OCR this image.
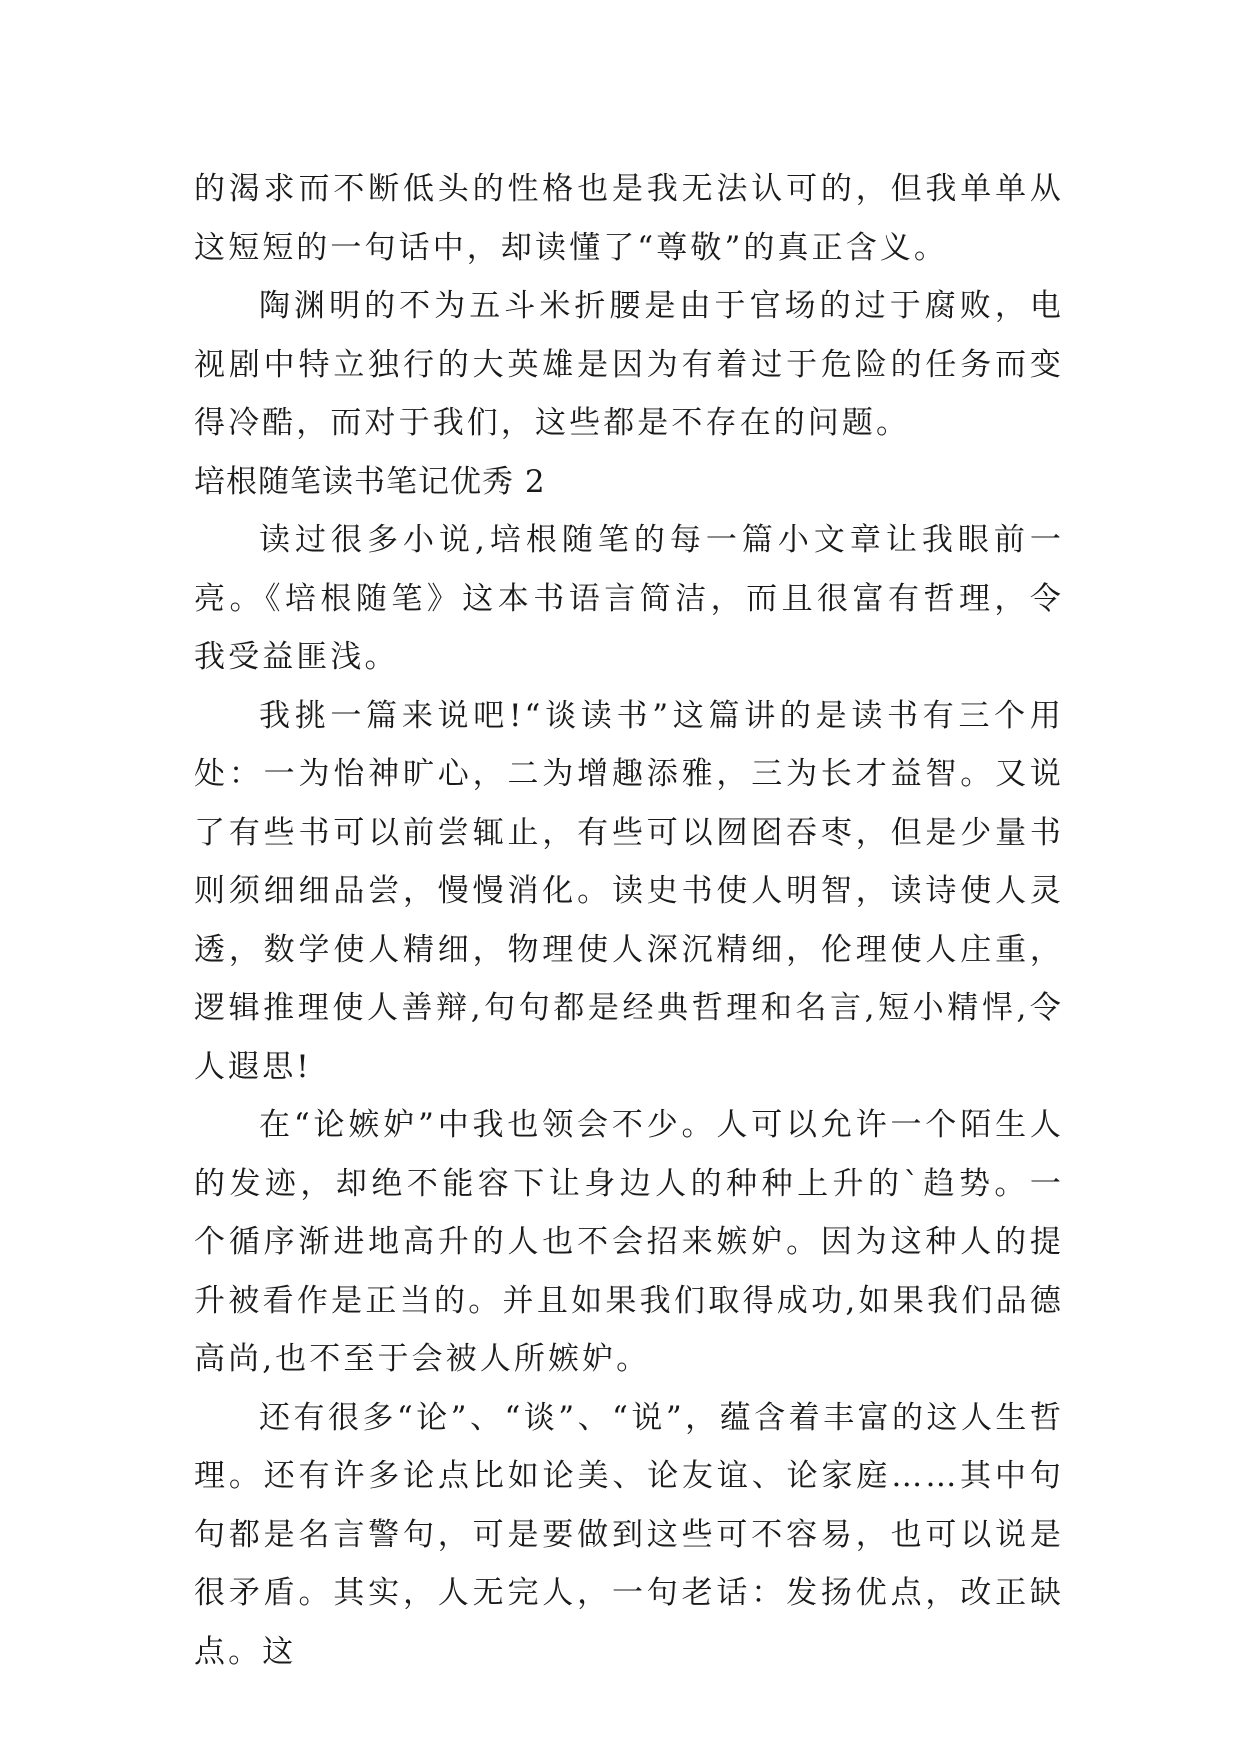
的渴求而不断低头的性格也是我无法认可的，但我单单从这短短的一句话中，却读懂了“尊敬”的真正含义。

陶渊明的不为五斗米折腰是由于官场的过于腐败，电视剧中特立独行的大英雄是因为有着过于危险的任务而变得冷酷，而对于我们，这些都是不存在的问题。

培根随笔读书笔记优秀 2

读过很多小说,培根随笔的每一篇小文章让我眼前一亮。《培根随笔》这本书语言简洁，而且很富有哲理，令我受益匪浅。

我挑一篇来说吧!“谈读书”这篇讲的是读书有三个用处：一为怡神旷心，二为增趣添雅，三为长才益智。又说了有些书可以前尝辄止，有些可以囫囵吞枣，但是少量书则须细细品尝，慢慢消化。读史书使人明智，读诗使人灵透，数学使人精细，物理使人深沉精细，伦理使人庄重，逻辑推理使人善辩,句句都是经典哲理和名言,短小精悍,令人遐思!

在“论嫉妒”中我也领会不少。人可以允许一个陌生人的发迹，却绝不能容下让身边人的种种上升的`趋势。一个循序渐进地高升的人也不会招来嫉妒。因为这种人的提升被看作是正当的。并且如果我们取得成功,如果我们品德高尚,也不至于会被人所嫉妒。

还有很多“论”、“谈”、“说”，蕴含着丰富的这人生哲理。还有许多论点比如论美、论友谊、论家庭……其中句句都是名言警句，可是要做到这些可不容易，也可以说是很矛盾。其实，人无完人，一句老话：发扬优点，改正缺点。这
